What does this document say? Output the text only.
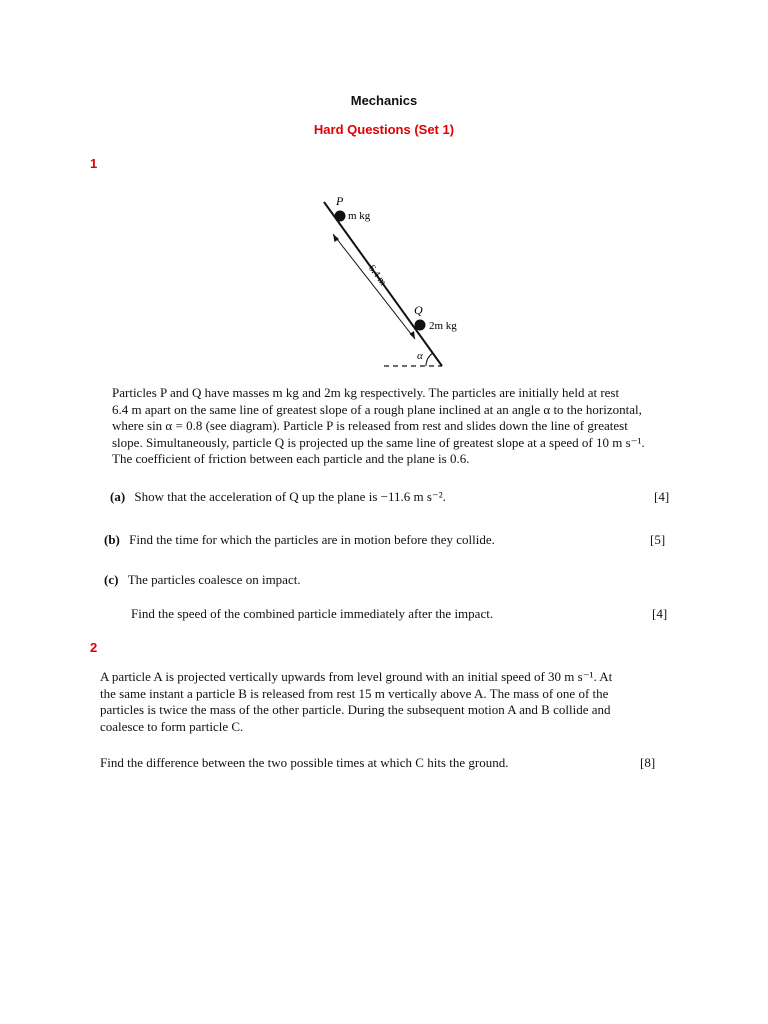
Mechanics
Hard Questions (Set 1)
1
P
m kg
6.4 m
Q
2m kg
α
Particles P and Q have masses m kg and 2m kg respectively. The particles are initially held at rest
6.4 m apart on the same line of greatest slope of a rough plane inclined at an angle α to the horizontal,
where sin α = 0.8 (see diagram). Particle P is released from rest and slides down the line of greatest
slope. Simultaneously, particle Q is projected up the same line of greatest slope at a speed of 10 m s⁻¹.
The coefficient of friction between each particle and the plane is 0.6.
(a) Show that the acceleration of Q up the plane is −11.6 m s⁻².	[4]
(b) Find the time for which the particles are in motion before they collide.	[5]
(c) The particles coalesce on impact.
Find the speed of the combined particle immediately after the impact.	[4]
2
A particle A is projected vertically upwards from level ground with an initial speed of 30 m s⁻¹. At
the same instant a particle B is released from rest 15 m vertically above A. The mass of one of the
particles is twice the mass of the other particle. During the subsequent motion A and B collide and
coalesce to form particle C.
Find the difference between the two possible times at which C hits the ground.	[8]
